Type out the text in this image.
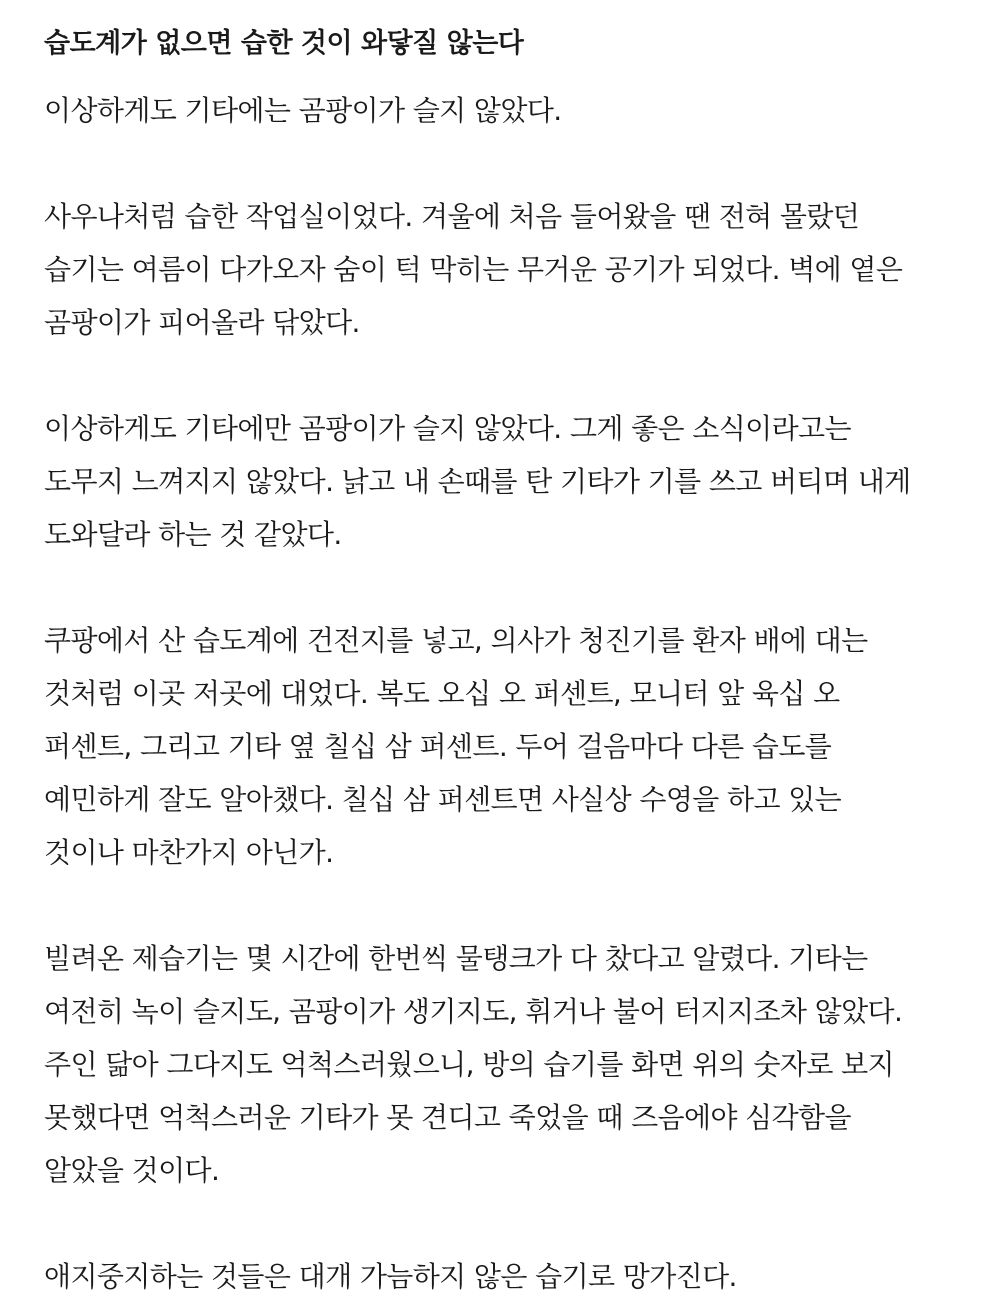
습도계가 없으면 습한 것이 와닿질 않는다

이상하게도 기타에는 곰팡이가 슬지 않았다.

사우나처럼 습한 작업실이었다. 겨울에 처음 들어왔을 땐 전혀 몰랐던
습기는 여름이 다가오자 숨이 턱 막히는 무거운 공기가 되었다. 벽에 옅은
곰팡이가 피어올라 닦았다.

이상하게도 기타에만 곰팡이가 슬지 않았다. 그게 좋은 소식이라고는
도무지 느껴지지 않았다. 낡고 내 손때를 탄 기타가 기를 쓰고 버티며 내게
도와달라 하는 것 같았다.

쿠팡에서 산 습도계에 건전지를 넣고, 의사가 청진기를 환자 배에 대는
것처럼 이곳 저곳에 대었다. 복도 오십 오 퍼센트, 모니터 앞 육십 오
퍼센트, 그리고 기타 옆 칠십 삼 퍼센트. 두어 걸음마다 다른 습도를
예민하게 잘도 알아챘다. 칠십 삼 퍼센트면 사실상 수영을 하고 있는
것이나 마찬가지 아닌가.

빌려온 제습기는 몇 시간에 한번씩 물탱크가 다 찼다고 알렸다. 기타는
여전히 녹이 슬지도, 곰팡이가 생기지도, 휘거나 불어 터지지조차 않았다.
주인 닮아 그다지도 억척스러웠으니, 방의 습기를 화면 위의 숫자로 보지
못했다면 억척스러운 기타가 못 견디고 죽었을 때 즈음에야 심각함을
알았을 것이다.

애지중지하는 것들은 대개 가늠하지 않은 습기로 망가진다.
